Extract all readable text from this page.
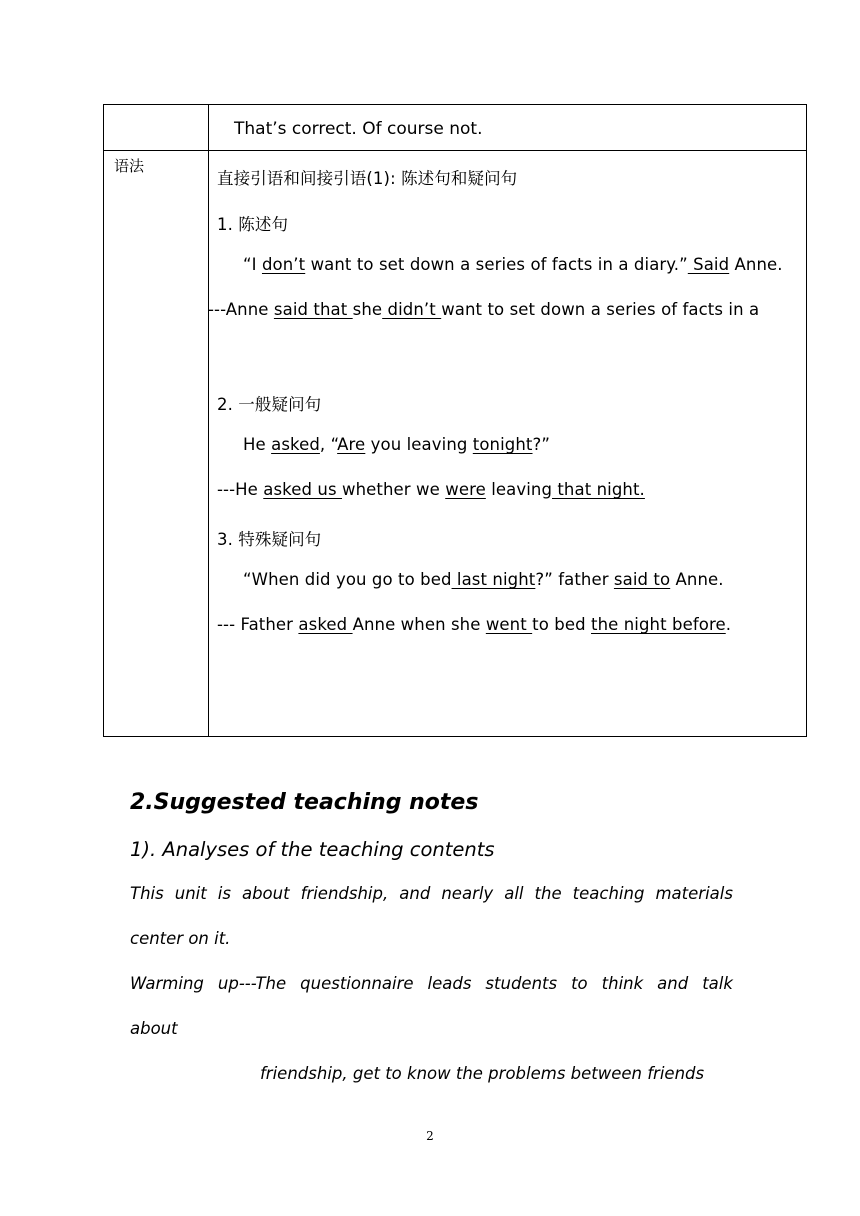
That’s correct. Of course not.
语法
直接引语和间接引语(1): 陈述句和疑问句
1. 陈述句
“I don’t want to set down a series of facts in a diary.” Said Anne.
---Anne said that she didn’t want to set down a series of facts in a
2. 一般疑问句
He asked, “Are you leaving tonight?”
---He asked us whether we were leaving that night.
3. 特殊疑问句
“When did you go to bed last night?” father said to Anne.
--- Father asked Anne when she went to bed the night before.
2.Suggested teaching notes
1). Analyses of the teaching contents
This unit is about friendship, and nearly all the teaching materials
center on it.
Warming up---The questionnaire leads students to think and talk
about
friendship, get to know the problems between friends
2
